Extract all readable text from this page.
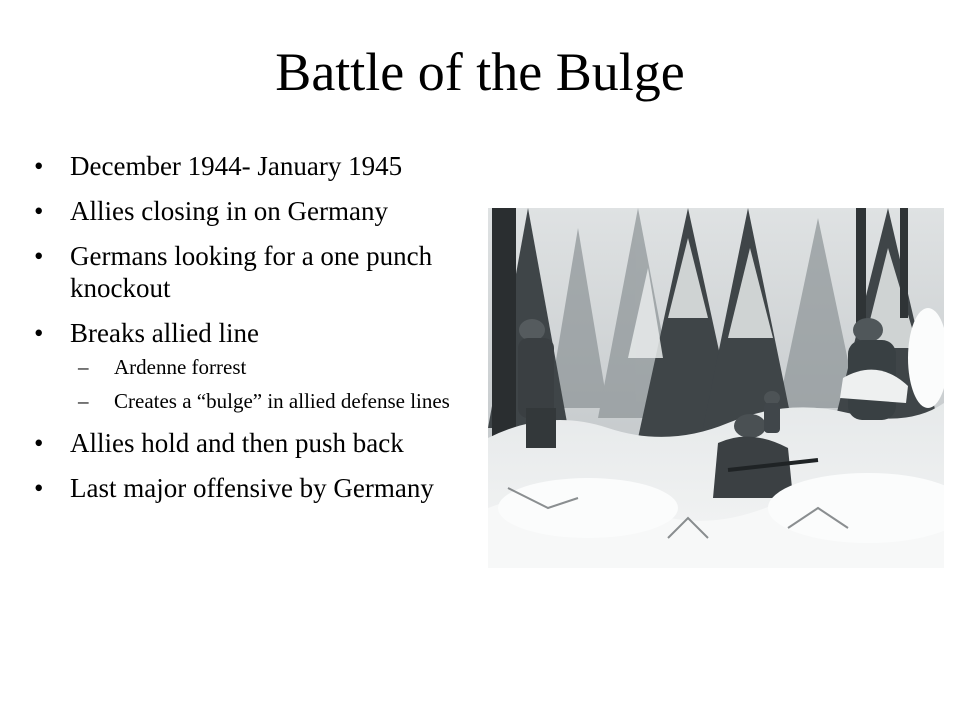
Battle of the Bulge
• December 1944- January 1945
• Allies closing in on Germany
• Germans looking for a one punch knockout
• Breaks allied line
– Ardenne forrest
– Creates a “bulge” in allied defense lines
• Allies hold and then push back
• Last major offensive by Germany
